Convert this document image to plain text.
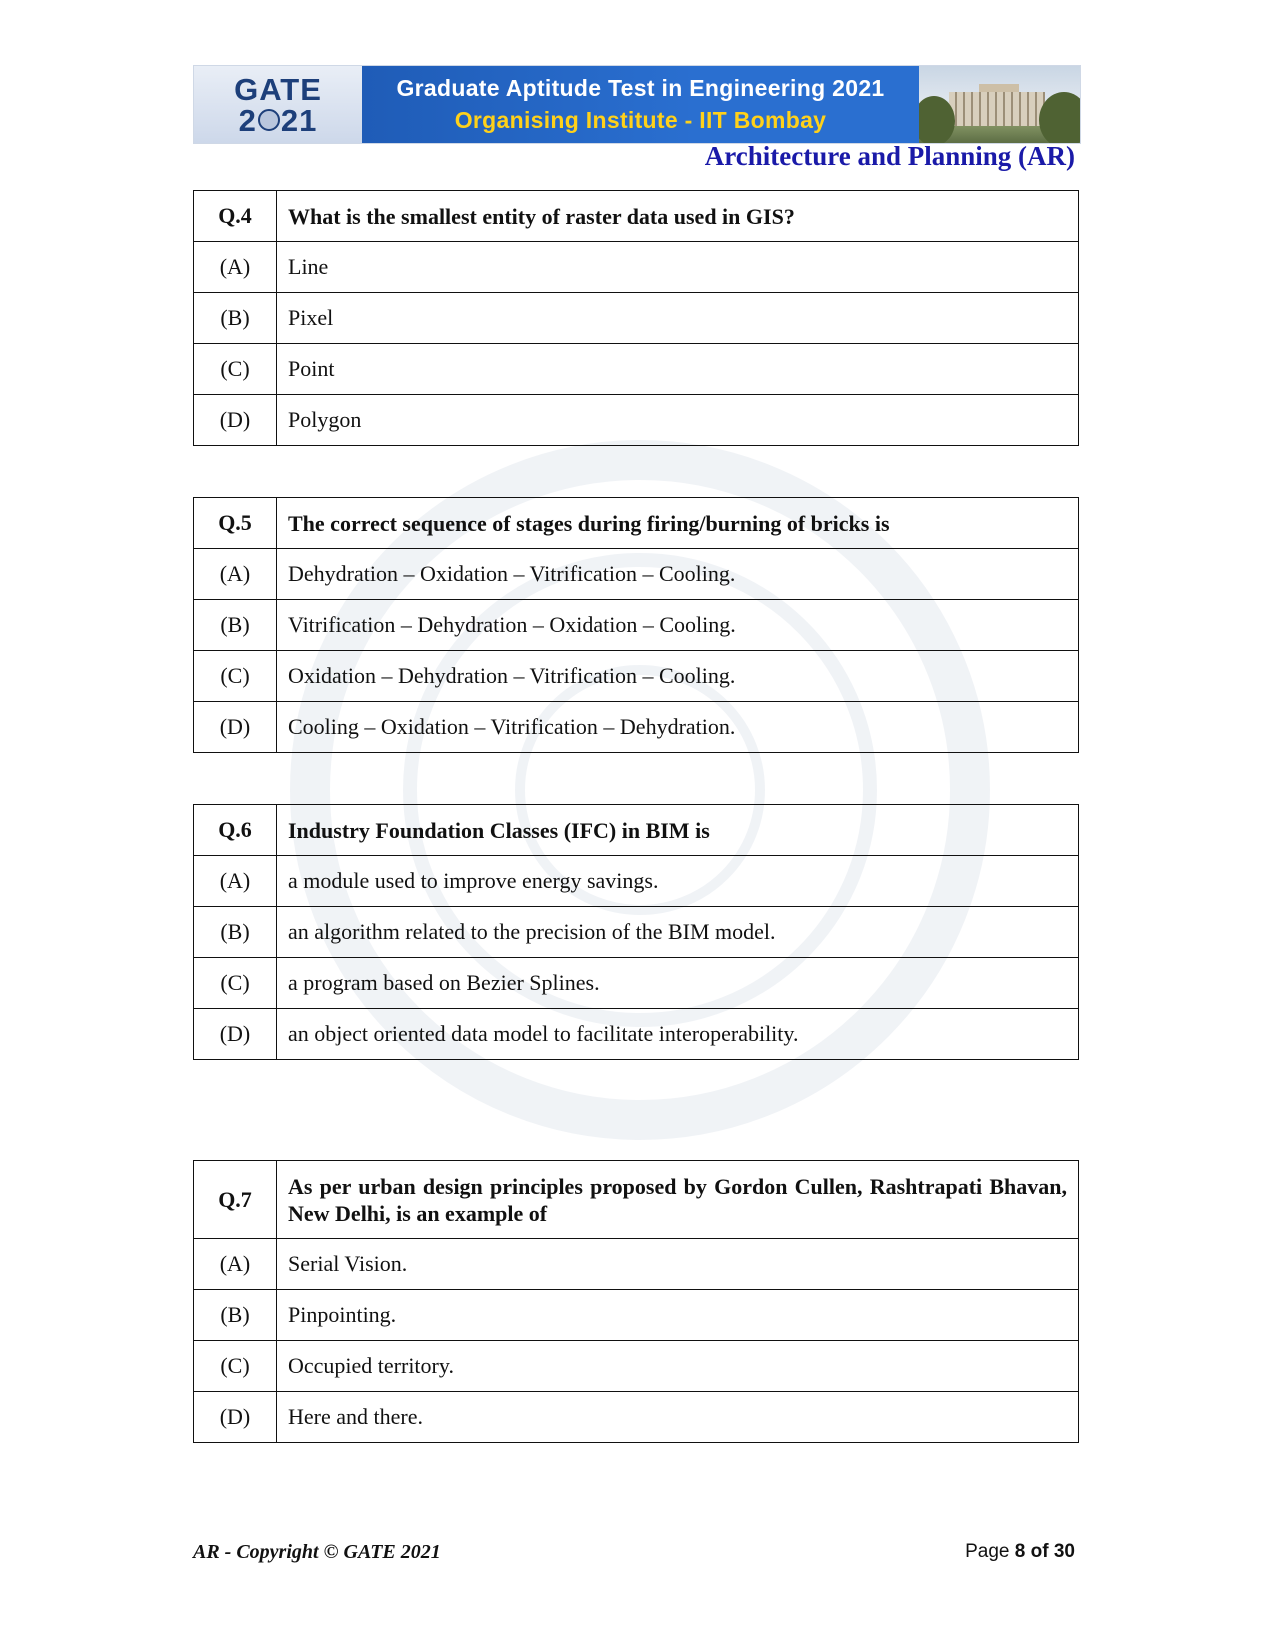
GATE
2 21
Graduate Aptitude Test in Engineering 2021
Organising Institute - IIT Bombay
Architecture and Planning (AR)
Q.4	What is the smallest entity of raster data used in GIS?
(A)	Line
(B)	Pixel
(C)	Point
(D)	Polygon
Q.5	The correct sequence of stages during firing/burning of bricks is
(A)	Dehydration – Oxidation – Vitrification – Cooling.
(B)	Vitrification – Dehydration – Oxidation – Cooling.
(C)	Oxidation – Dehydration – Vitrification – Cooling.
(D)	Cooling – Oxidation – Vitrification – Dehydration.
Q.6	Industry Foundation Classes (IFC) in BIM is
(A)	a module used to improve energy savings.
(B)	an algorithm related to the precision of the BIM model.
(C)	a program based on Bezier Splines.
(D)	an object oriented data model to facilitate interoperability.
Q.7	As per urban design principles proposed by Gordon Cullen, Rashtrapati Bhavan, New Delhi, is an example of
(A)	Serial Vision.
(B)	Pinpointing.
(C)	Occupied territory.
(D)	Here and there.
AR - Copyright © GATE 2021	Page 8 of 30
